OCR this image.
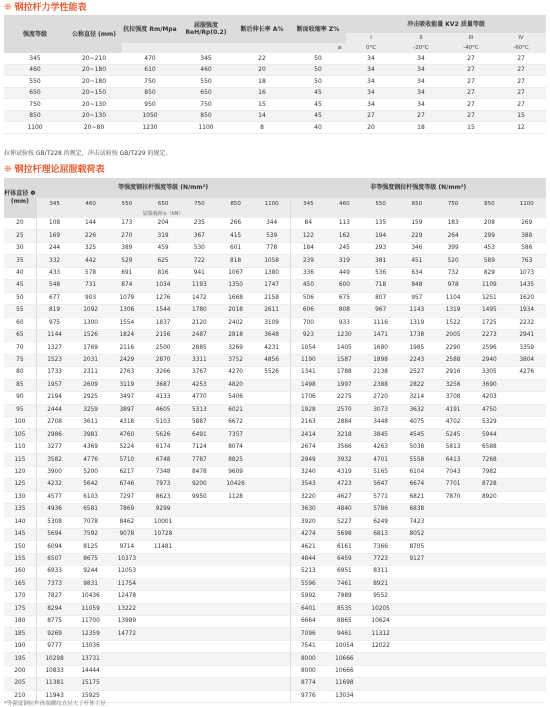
❊ 钢拉杆力学性能表
强度等级	公称直径 (mm)	抗拉强度 Rm/Mpa	屈服强度 ReH/Rp(0.2)	断后伸长率 A%	断面收缩率 Z%	冲击吸收能量 KV2 质量等级			
						I	II	III	IV
		≥				0°C	-20°C	-40°C	-60°C
345	20~210	470	345	22	50	34	34	27	27
460	20~180	610	460	20	50	34	34	27	27
550	20~180	750	550	18	50	34	34	27	27
650	20~150	850	650	16	45	34	34	27	27
750	20~130	950	750	15	45	34	34	27	27
850	20~130	1050	850	14	45	27	27	27	15
1100	20~80	1230	1100	8	40	20	18	15	12
拉伸试验按 GB/T228 的规定，冲击试验按 GB/T229 的规定。
❊ 钢拉杆理论屈服载荷表
杆体直径 Φ (mm)	等强度钢拉杆强度等级 (N/mm²)							非等强度钢拉杆强度等级 (N/mm²)						
	345	460	550	650	750	850	1100	345	460	550	650	750	850	1100
	屈服载荷≥（kN）													
20	108	144	173	204	235	266	344	84	113	135	159	183	208	269
25	169	226	270	319	367	415	539	122	162	194	229	264	299	388
30	244	325	389	459	530	601	778	184	245	293	346	399	453	586
35	332	442	529	625	722	818	1058	239	319	381	451	520	589	763
40	433	578	691	816	941	1067	1380	336	449	536	634	732	829	1073
45	548	731	874	1034	1193	1350	1747	450	600	718	848	978	1109	1435
50	677	903	1079	1276	1472	1668	2158	506	675	807	957	1104	1251	1620
55	819	1092	1306	1544	1780	2018	2611	606	808	967	1143	1319	1495	1934
60	975	1300	1554	1837	2120	2402	3109	700	933	1116	1319	1522	1725	2232
65	1144	1526	1824	2156	2487	2818	3648	923	1230	1471	1738	2005	2273	2941
70	1327	1769	2116	2500	2885	3269	4231	1054	1405	1680	1985	2290	2596	3359
75	1523	2031	2429	2870	3311	3752	4856	1190	1587	1898	2243	2588	2940	3804
80	1733	2311	2763	3266	3767	4270	5526	1341	1788	2138	2527	2916	3305	4276
85	1957	2609	3119	3687	4253	4820		1498	1997	2388	2822	3256	3690	
90	2194	2925	3497	4133	4770	5406		1706	2275	2720	3214	3708	4203	
95	2444	3259	3897	4605	5313	6021		1928	2570	3073	3632	4191	4750	
100	2708	3611	4318	5103	5887	6672		2163	2884	3448	4075	4702	5329	
105	2986	3981	4760	5626	6491	7357		2414	3218	3845	4545	5245	5944	
110	3277	4369	5224	6174	7124	8074		2674	3566	4263	5038	5813	6588	
115	3582	4776	5710	6748	7787	8825		2949	3932	4701	5558	6413	7268	
120	3900	5200	6217	7348	8478	9609		3240	4319	5165	6104	7043	7982	
125	4232	5642	6746	7973	9200	10426		3543	4723	5647	6674	7701	8728	
130	4577	6103	7297	8623	9950	1128		3220	4627	5771	6821	7870	8920	
135	4936	6581	7869	9299				3630	4840	5786	6838			
140	5308	7078	8462	10001				3920	5227	6249	7423			
145	5694	7592	9078	10728				4274	5698	6813	8052			
150	6094	8125	9714	11481				4621	6161	7366	8705			
155	6507	8675	10373					4844	6459	7723	9127			
160	6933	9244	11053					5213	6951	8311				
165	7373	9831	11754					5596	7461	8921				
170	7827	10436	12478					5992	7989	9552				
175	8294	11059	13222					6401	8535	10205				
180	8775	11700	13989					6664	8865	10624				
185	9269	12359	14772					7096	9461	11312				
190	9777	13036						7541	10054	12022				
195	10298	13731						8000	10666					
200	10833	14444						8000	10666					
205	11381	15175						8774	11698					
210	11943	15925						9776	13034					
*等强度钢拉杆体端螺纹直径大于杆体主径
